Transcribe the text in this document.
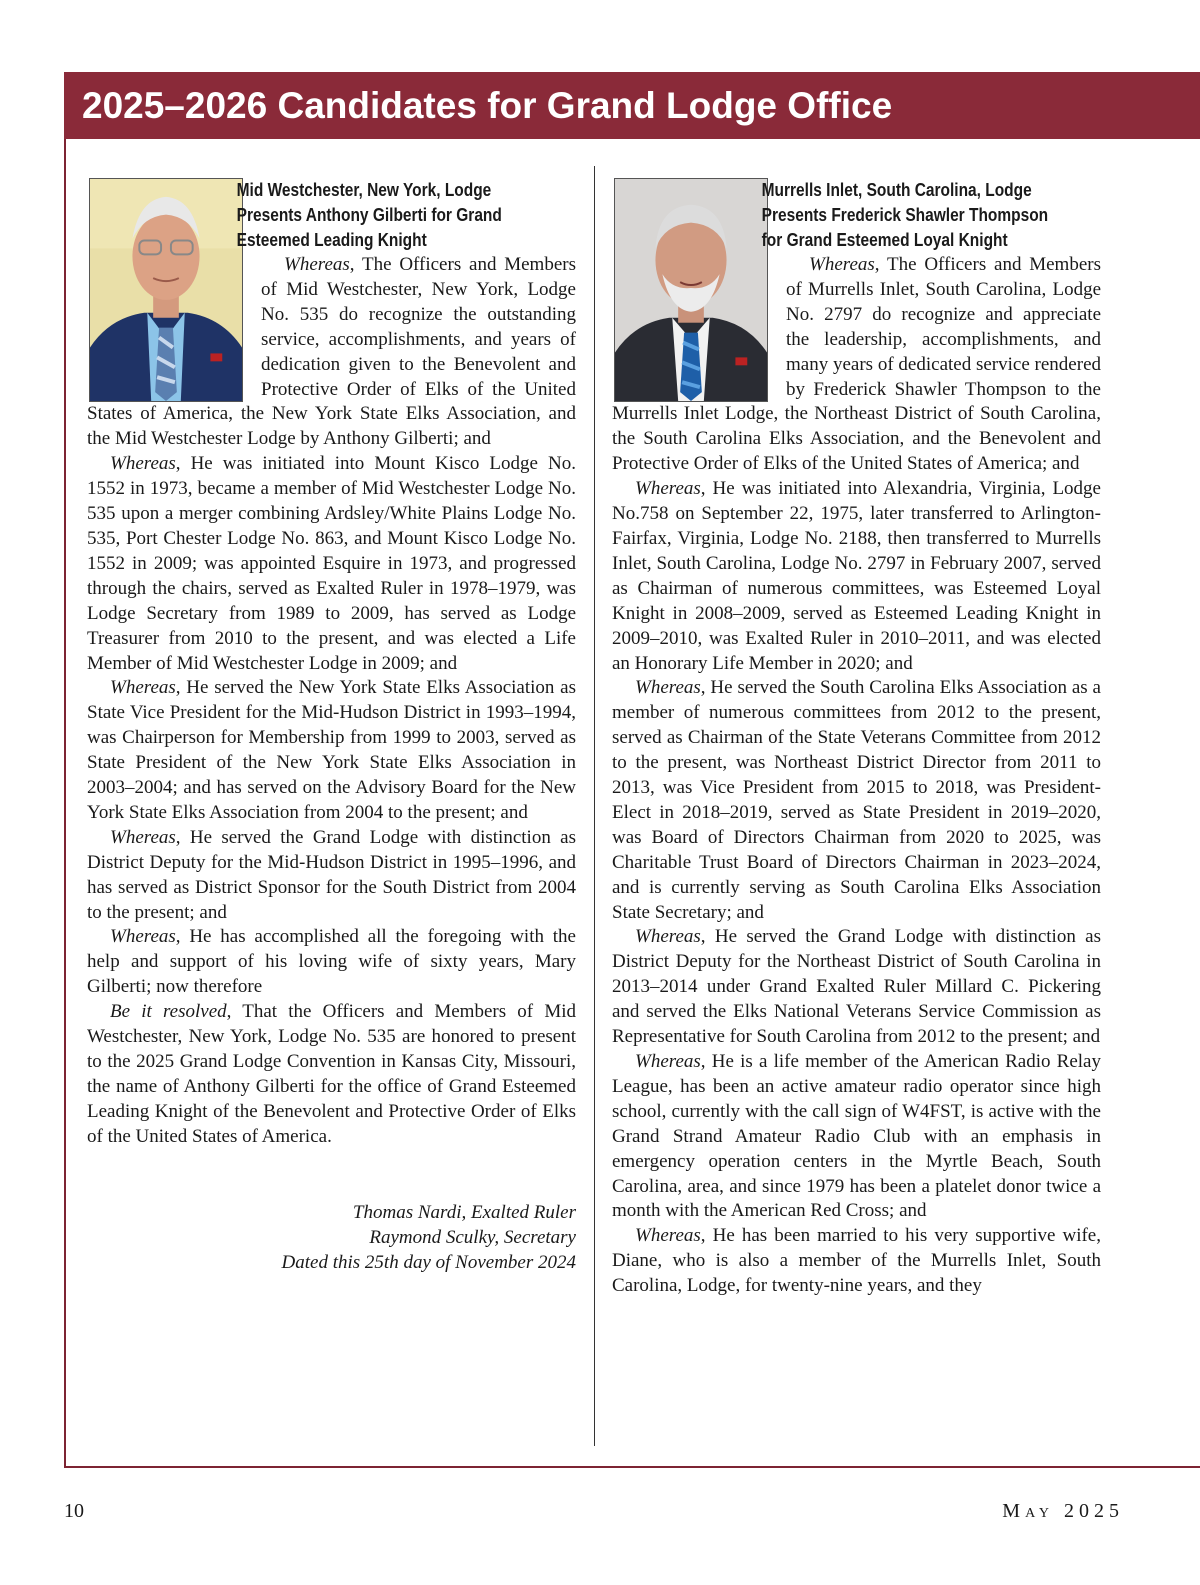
2025–2026 Candidates for Grand Lodge Office
Mid Westchester, New York, Lodge
Presents Anthony Gilberti for Grand
Esteemed Leading Knight

Whereas, The Officers and Members of Mid Westchester, New York, Lodge No. 535 do recognize the outstanding service, accomplishments, and years of dedication given to the Benevolent and Protective Order of Elks of the United States of America, the New York State Elks Association, and the Mid Westchester Lodge by Anthony Gilberti; and

Whereas, He was initiated into Mount Kisco Lodge No. 1552 in 1973, became a member of Mid Westchester Lodge No. 535 upon a merger combining Ardsley/White Plains Lodge No. 535, Port Chester Lodge No. 863, and Mount Kisco Lodge No. 1552 in 2009; was appointed Esquire in 1973, and progressed through the chairs, served as Exalted Ruler in 1978–1979, was Lodge Secretary from 1989 to 2009, has served as Lodge Treasurer from 2010 to the present, and was elected a Life Member of Mid Westchester Lodge in 2009; and

Whereas, He served the New York State Elks Association as State Vice President for the Mid-Hudson District in 1993–1994, was Chairperson for Membership from 1999 to 2003, served as State President of the New York State Elks Association in 2003–2004; and has served on the Advisory Board for the New York State Elks Association from 2004 to the present; and

Whereas, He served the Grand Lodge with distinction as District Deputy for the Mid-Hudson District in 1995–1996, and has served as District Sponsor for the South District from 2004 to the present; and

Whereas, He has accomplished all the foregoing with the help and support of his loving wife of sixty years, Mary Gilberti; now therefore

Be it resolved, That the Officers and Members of Mid Westchester, New York, Lodge No. 535 are honored to present to the 2025 Grand Lodge Convention in Kansas City, Missouri, the name of Anthony Gilberti for the office of Grand Esteemed Leading Knight of the Benevolent and Protective Order of Elks of the United States of America.

Thomas Nardi, Exalted Ruler
Raymond Sculky, Secretary
Dated this 25th day of November 2024
Murrells Inlet, South Carolina, Lodge
Presents Frederick Shawler Thompson
for Grand Esteemed Loyal Knight

Whereas, The Officers and Members of Murrells Inlet, South Carolina, Lodge No. 2797 do recognize and appreciate the leadership, accomplishments, and many years of dedicated service rendered by Frederick Shawler Thompson to the Murrells Inlet Lodge, the Northeast District of South Carolina, the South Carolina Elks Association, and the Benevolent and Protective Order of Elks of the United States of America; and

Whereas, He was initiated into Alexandria, Virginia, Lodge No.758 on September 22, 1975, later transferred to Arlington-Fairfax, Virginia, Lodge No. 2188, then transferred to Murrells Inlet, South Carolina, Lodge No. 2797 in February 2007, served as Chairman of numerous committees, was Esteemed Loyal Knight in 2008–2009, served as Esteemed Leading Knight in 2009–2010, was Exalted Ruler in 2010–2011, and was elected an Honorary Life Member in 2020; and

Whereas, He served the South Carolina Elks Association as a member of numerous committees from 2012 to the present, served as Chairman of the State Veterans Committee from 2012 to the present, was Northeast District Director from 2011 to 2013, was Vice President from 2015 to 2018, was President-Elect in 2018–2019, served as State President in 2019–2020, was Board of Directors Chairman from 2020 to 2025, was Charitable Trust Board of Directors Chairman in 2023–2024, and is currently serving as South Carolina Elks Association State Secretary; and

Whereas, He served the Grand Lodge with distinction as District Deputy for the Northeast District of South Carolina in 2013–2014 under Grand Exalted Ruler Millard C. Pickering and served the Elks National Veterans Service Commission as Representative for South Carolina from 2012 to the present; and

Whereas, He is a life member of the American Radio Relay League, has been an active amateur radio operator since high school, currently with the call sign of W4FST, is active with the Grand Strand Amateur Radio Club with an emphasis in emergency operation centers in the Myrtle Beach, South Carolina, area, and since 1979 has been a platelet donor twice a month with the American Red Cross; and

Whereas, He has been married to his very supportive wife, Diane, who is also a member of the Murrells Inlet, South Carolina, Lodge, for twenty-nine years, and they

10	May 2025
